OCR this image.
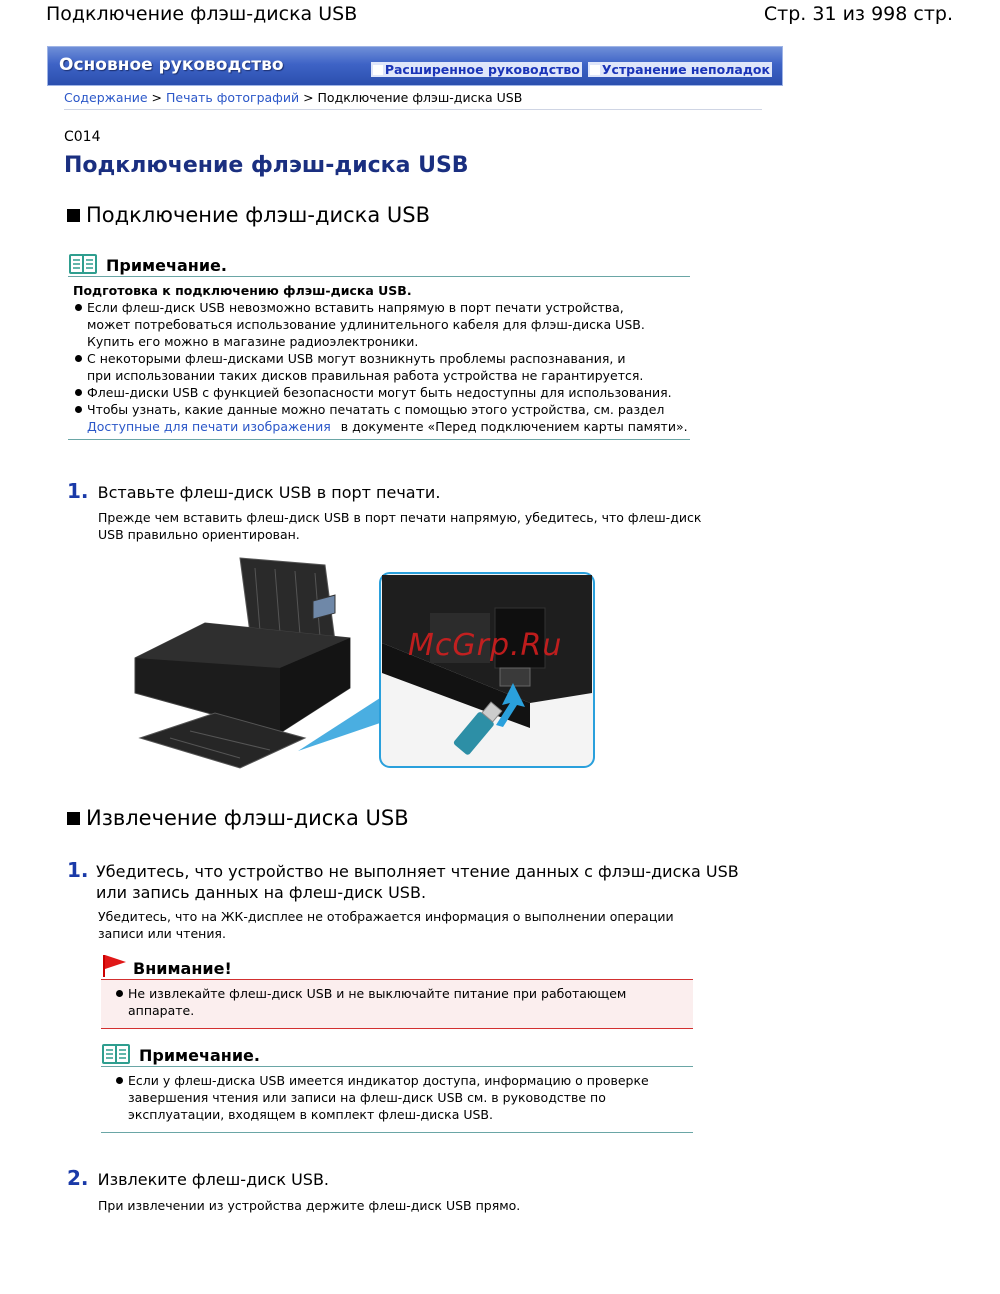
Подключение флэш-диска USB	Стр. 31 из 998 стр.
Основное руководство	Расширенное руководство	Устранение неполадок
Содержание > Печать фотографий > Подключение флэш-диска USB
C014
Подключение флэш-диска USB
Подключение флэш-диска USB
Примечание.
Подготовка к подключению флэш-диска USB.
Если флеш-диск USB невозможно вставить напрямую в порт печати устройства, может потребоваться использование удлинительного кабеля для флэш-диска USB. Купить его можно в магазине радиоэлектроники.
С некоторыми флеш-дисками USB могут возникнуть проблемы распознавания, и при использовании таких дисков правильная работа устройства не гарантируется.
Флеш-диски USB с функцией безопасности могут быть недоступны для использования.
Чтобы узнать, какие данные можно печатать с помощью этого устройства, см. раздел
Доступные для печати изображения в документе «Перед подключением карты памяти».
1. Вставьте флеш-диск USB в порт печати.
Прежде чем вставить флеш-диск USB в порт печати напрямую, убедитесь, что флеш-диск USB правильно ориентирован.
McGrp.Ru
Извлечение флэш-диска USB
1. Убедитесь, что устройство не выполняет чтение данных с флэш-диска USB
или запись данных на флеш-диск USB.
Убедитесь, что на ЖК-дисплее не отображается информация о выполнении операции записи или чтения.
Внимание!
Не извлекайте флеш-диск USB и не выключайте питание при работающем аппарате.
Примечание.
Если у флеш-диска USB имеется индикатор доступа, информацию о проверке завершения чтения или записи на флеш-диск USB см. в руководстве по эксплуатации, входящем в комплект флеш-диска USB.
2. Извлеките флеш-диск USB.
При извлечении из устройства держите флеш-диск USB прямо.
